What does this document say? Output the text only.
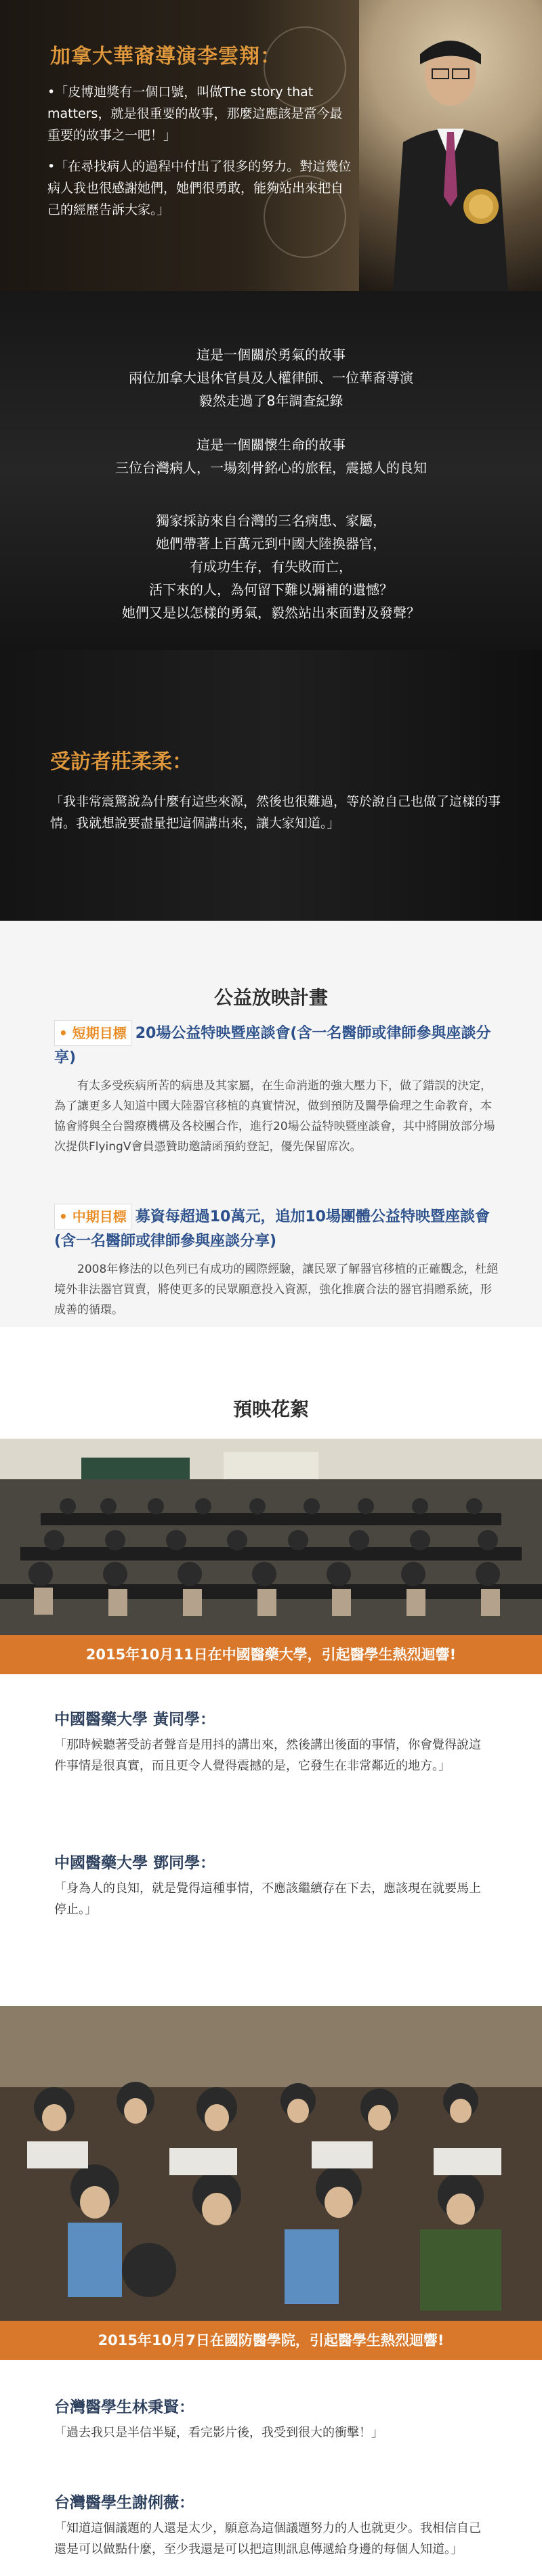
加拿大華裔導演李雲翔：
•「皮博迪獎有一個口號，叫做The story that matters，就是很重要的故事，那麼這應該是當今最重要的故事之一吧！」
•「在尋找病人的過程中付出了很多的努力。對這幾位病人我也很感謝她們，她們很勇敢，能夠站出來把自己的經歷告訴大家。」
這是一個關於勇氣的故事
兩位加拿大退休官員及人權律師、一位華裔導演
毅然走過了8年調查紀錄
這是一個關懷生命的故事
三位台灣病人，一場刻骨銘心的旅程，震撼人的良知
獨家採訪來自台灣的三名病患、家屬，
她們帶著上百萬元到中國大陸換器官，
有成功生存，有失敗而亡，
活下來的人，為何留下難以彌補的遺憾？
她們又是以怎樣的勇氣，毅然站出來面對及發聲？
受訪者莊柔柔：
「我非常震驚說為什麼有這些來源，然後也很難過，等於說自己也做了這樣的事情。我就想說要盡量把這個講出來，讓大家知道。」
公益放映計畫

• 短期目標 20場公益特映暨座談會(含一名醫師或律師參與座談分享)

有太多受疾病所苦的病患及其家屬，在生命消逝的強大壓力下，做了錯誤的決定，為了讓更多人知道中國大陸器官移植的真實情況，做到預防及醫學倫理之生命教育，本協會將與全台醫療機構及各校團合作，進行20場公益特映暨座談會，其中將開放部分場次提供FlyingV會員憑贊助邀請函預約登記，優先保留席次。

• 中期目標 募資每超過10萬元，追加10場團體公益特映暨座談會(含一名醫師或律師參與座談分享)

2008年修法的以色列已有成功的國際經驗，讓民眾了解器官移植的正確觀念，杜絕境外非法器官買賣，將使更多的民眾願意投入資源，強化推廣合法的器官捐贈系統，形成善的循環。
預映花絮
2015年10月11日在中國醫藥大學，引起醫學生熱烈迴響!

中國醫藥大學 黃同學：

「那時候聽著受訪者聲音是用抖的講出來，然後講出後面的事情，你會覺得說這件事情是很真實，而且更令人覺得震撼的是，它發生在非常鄰近的地方。」

中國醫藥大學 鄧同學：

「身為人的良知，就是覺得這種事情，不應該繼續存在下去，應該現在就要馬上停止。」

2015年10月7日在國防醫學院，引起醫學生熱烈迴響!

台灣醫學生林秉賢：

「過去我只是半信半疑，看完影片後，我受到很大的衝擊！」

台灣醫學生謝俐薇：

「知道這個議題的人還是太少，願意為這個議題努力的人也就更少。我相信自己還是可以做點什麼，至少我還是可以把這則訊息傳遞給身邊的每個人知道。」
